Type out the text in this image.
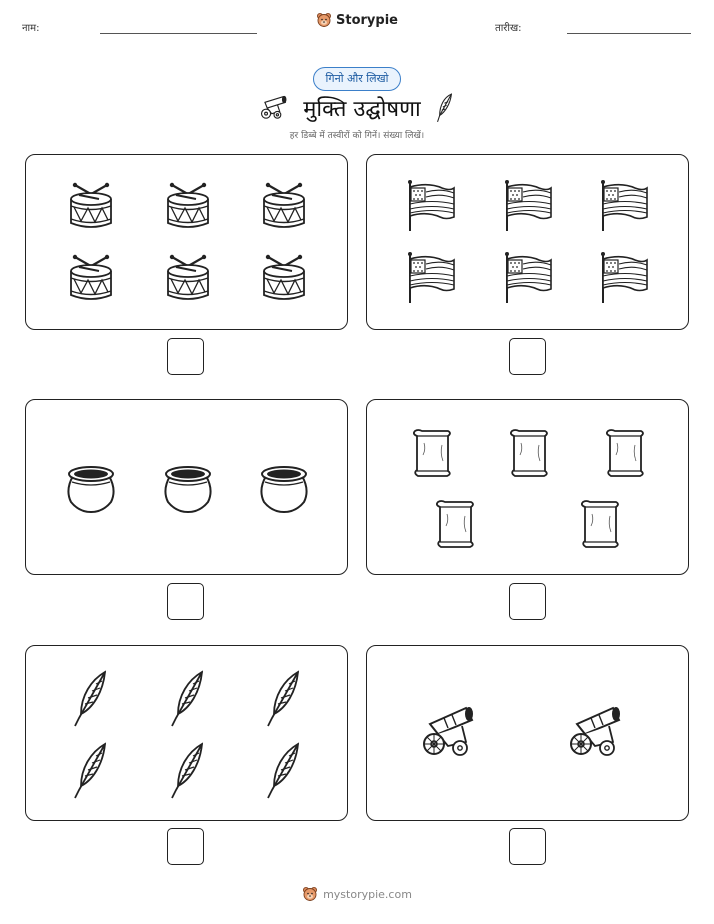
नाम:
Storypie
तारीख:
गिनो और लिखो
मुक्ति उद्घोषणा
हर डिब्बे में तस्वीरों को गिनें। संख्या लिखें।
mystorypie.com
